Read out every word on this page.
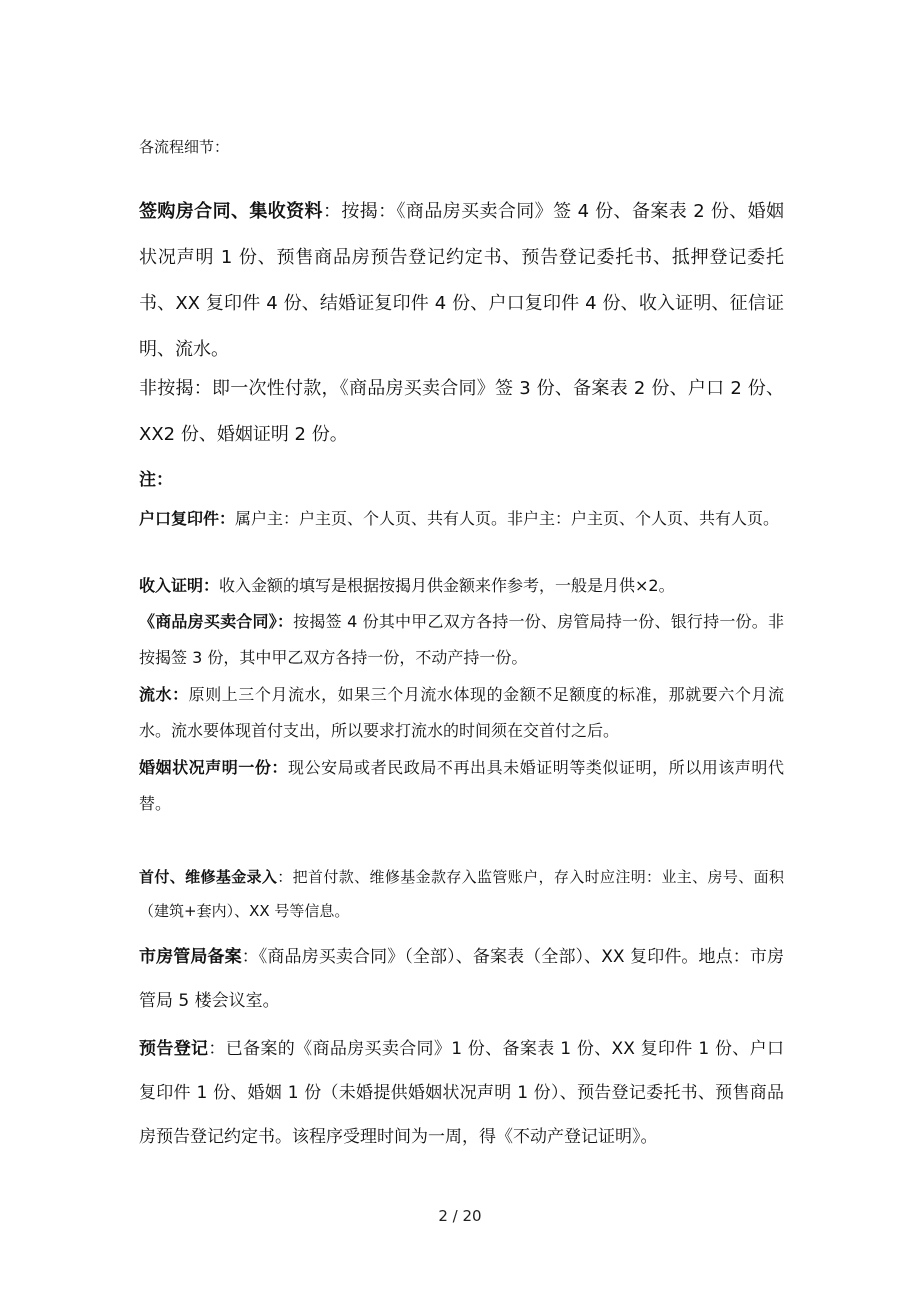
各流程细节：

签购房合同、集收资料：按揭：《商品房买卖合同》签 4 份、备案表 2 份、婚姻状况声明 1 份、预售商品房预告登记约定书、预告登记委托书、抵押登记委托书、XX 复印件 4 份、结婚证复印件 4 份、户口复印件 4 份、收入证明、征信证明、流水。

非按揭：即一次性付款，《商品房买卖合同》签 3 份、备案表 2 份、户口 2 份、XX2 份、婚姻证明 2 份。

注：

户口复印件：属户主：户主页、个人页、共有人页。非户主：户主页、个人页、共有人页。

收入证明：收入金额的填写是根据按揭月供金额来作参考，一般是月供×2。

《商品房买卖合同》：按揭签 4 份其中甲乙双方各持一份、房管局持一份、银行持一份。非按揭签 3 份，其中甲乙双方各持一份，不动产持一份。

流水：原则上三个月流水，如果三个月流水体现的金额不足额度的标准，那就要六个月流水。流水要体现首付支出，所以要求打流水的时间须在交首付之后。

婚姻状况声明一份：现公安局或者民政局不再出具未婚证明等类似证明，所以用该声明代替。

首付、维修基金录入：把首付款、维修基金款存入监管账户，存入时应注明：业主、房号、面积（建筑+套内）、XX 号等信息。

市房管局备案：《商品房买卖合同》（全部）、备案表（全部）、XX 复印件。地点：市房管局 5 楼会议室。

预告登记：已备案的《商品房买卖合同》1 份、备案表 1 份、XX 复印件 1 份、户口复印件 1 份、婚姻 1 份（未婚提供婚姻状况声明 1 份）、预告登记委托书、预售商品房预告登记约定书。该程序受理时间为一周，得《不动产登记证明》。

2 / 20
